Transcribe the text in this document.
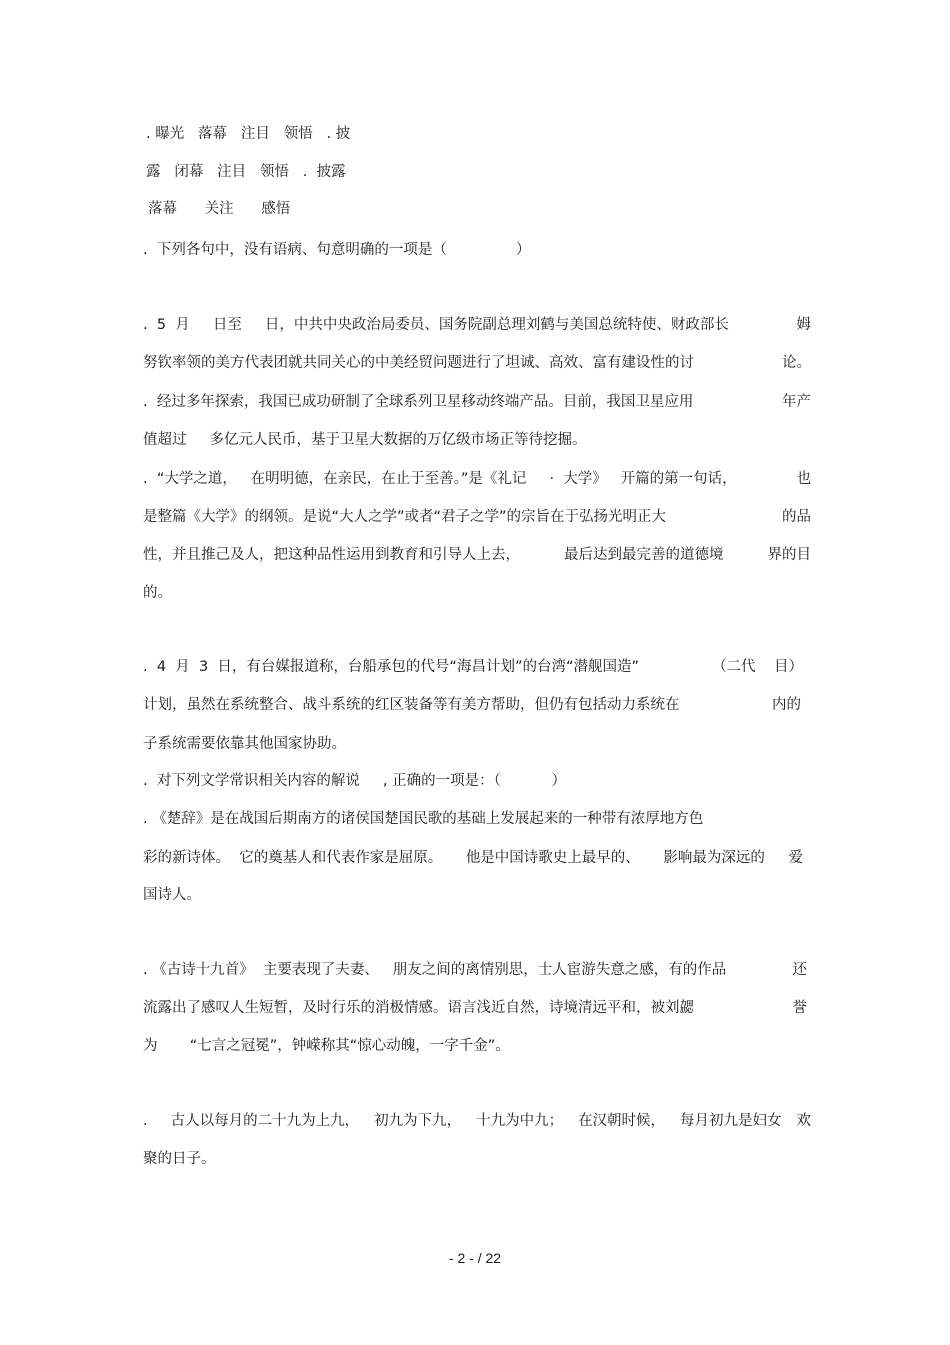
. 曝光   落幕   注目   领悟   . 披
露   闭幕   注目   领悟   .  披露
落幕      关注      感悟
.  下列各句中，没有语病、句意明确的一项是（               ）
.  5  月     日至     日，中共中央政治局委员、国务院副总理刘鹤与美国总统特使、财政部长	姆
努钦率领的美方代表团就共同关心的中美经贸问题进行了坦诚、高效、富有建设性的讨	论。
.  经过多年探索，我国已成功研制了全球系列卫星移动终端产品。目前，我国卫星应用	年产
值超过     多亿元人民币，基于卫星大数据的万亿级市场正等待挖掘。
.  “大学之道，   在明明德，在亲民，在止于至善。”是《礼记     ·  大学》   开篇的第一句话，	也
是整篇《大学》的纲领。是说“大人之学”或者“君子之学”的宗旨在于弘扬光明正大	的品
性，并且推己及人，把这种品性运用到教育和引导人上去，	最后达到最完善的道德境	界的目
的。
.  4  月  3  日，有台媒报道称，台船承包的代号“海昌计划”的台湾“潜舰国造”	（二代    目）
计划，虽然在系统整合、战斗系统的红区装备等有美方帮助，但仍有包括动力系统在	内的
子系统需要依靠其他国家协助。
.  对下列文学常识相关内容的解说     , 正确的一项是：（           ）
. 《楚辞》是在战国后期南方的诸侯国楚国民歌的基础上发展起来的一种带有浓厚地方色
彩的新诗体。  它的奠基人和代表作家是屈原。 他是中国诗歌史上最早的、 影响最为深远的 爱
国诗人。
. 《古诗十九首》  主要表现了夫妻、   朋友之间的离情别思，士人宦游失意之感，有的作品	还
流露出了感叹人生短暂，及时行乐的消极情感。语言浅近自然，诗境清远平和，被刘勰	誉
为       “七言之冠冕”，钟嵘称其“惊心动魄，一字千金”。
.     古人以每月的二十九为上九， 初九为下九， 十九为中九； 在汉朝时候， 每月初九是妇女 欢
聚的日子。
- 2 - / 22
